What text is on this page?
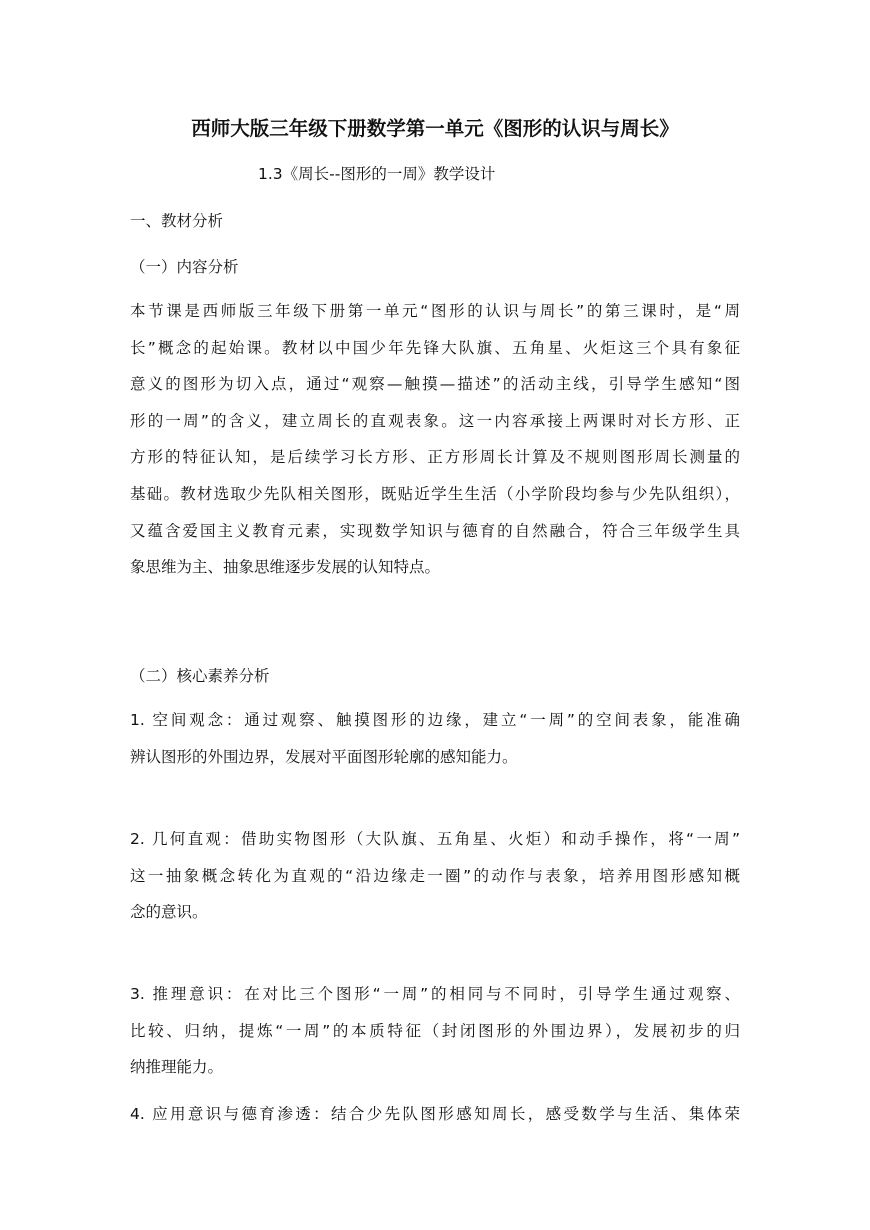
西师大版三年级下册数学第一单元《图形的认识与周长》
1.3《周长--图形的一周》教学设计
一、教材分析
（一）内容分析
本节课是西师版三年级下册第一单元“图形的认识与周长”的第三课时，是“周
长”概念的起始课。教材以中国少年先锋大队旗、五角星、火炬这三个具有象征
意义的图形为切入点，通过“观察—触摸—描述”的活动主线，引导学生感知“图
形的一周”的含义，建立周长的直观表象。这一内容承接上两课时对长方形、正
方形的特征认知，是后续学习长方形、正方形周长计算及不规则图形周长测量的
基础。教材选取少先队相关图形，既贴近学生生活（小学阶段均参与少先队组织），
又蕴含爱国主义教育元素，实现数学知识与德育的自然融合，符合三年级学生具
象思维为主、抽象思维逐步发展的认知特点。
（二）核心素养分析
1. 空间观念：通过观察、触摸图形的边缘，建立“一周”的空间表象，能准确
辨认图形的外围边界，发展对平面图形轮廓的感知能力。
2. 几何直观：借助实物图形（大队旗、五角星、火炬）和动手操作，将“一周”
这一抽象概念转化为直观的“沿边缘走一圈”的动作与表象，培养用图形感知概
念的意识。
3. 推理意识：在对比三个图形“一周”的相同与不同时，引导学生通过观察、
比较、归纳，提炼“一周”的本质特征（封闭图形的外围边界），发展初步的归
纳推理能力。
4. 应用意识与德育渗透：结合少先队图形感知周长，感受数学与生活、集体荣
